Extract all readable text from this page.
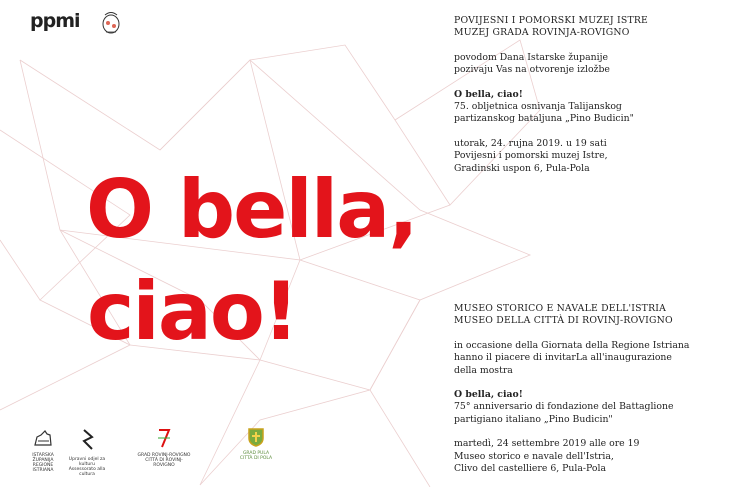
ppmi
O bella,
ciao!

POVIJESNI I POMORSKI MUZEJ ISTRE

MUZEJ GRADA ROVINJA-ROVIGNO

povodom Dana Istarske županije

pozivaju Vas na otvorenje izložbe

O bella, ciao!

75. obljetnica osnivanja Talijanskog

partizanskog bataljuna „Pino Budicin"

utorak, 24. rujna 2019. u 19 sati

Povijesni i pomorski muzej Istre,

Gradinski uspon 6, Pula-Pola

MUSEO STORICO E NAVALE DELL'ISTRIA

MUSEO DELLA CITTÀ DI ROVINJ-ROVIGNO

in occasione della Giornata della Regione Istriana

hanno il piacere di invitarLa all'inaugurazione

della mostra

O bella, ciao!

75° anniversario di fondazione del Battaglione

partigiano italiano „Pino Budicin"

martedì, 24 settembre 2019 alle ore 19

Museo storico e navale dell'Istria,

Clivo del castelliere 6, Pula-Pola

ISTARSKA
ŽUPANIJA
REGIONE
ISTRIANA
Upravni odjel za kulturu
Assessorato alla cultura
GRAD ROVINJ-ROVIGNO
CITTÀ DI ROVINJ-ROVIGNO
GRAD PULA
CITTÀ DI POLA
